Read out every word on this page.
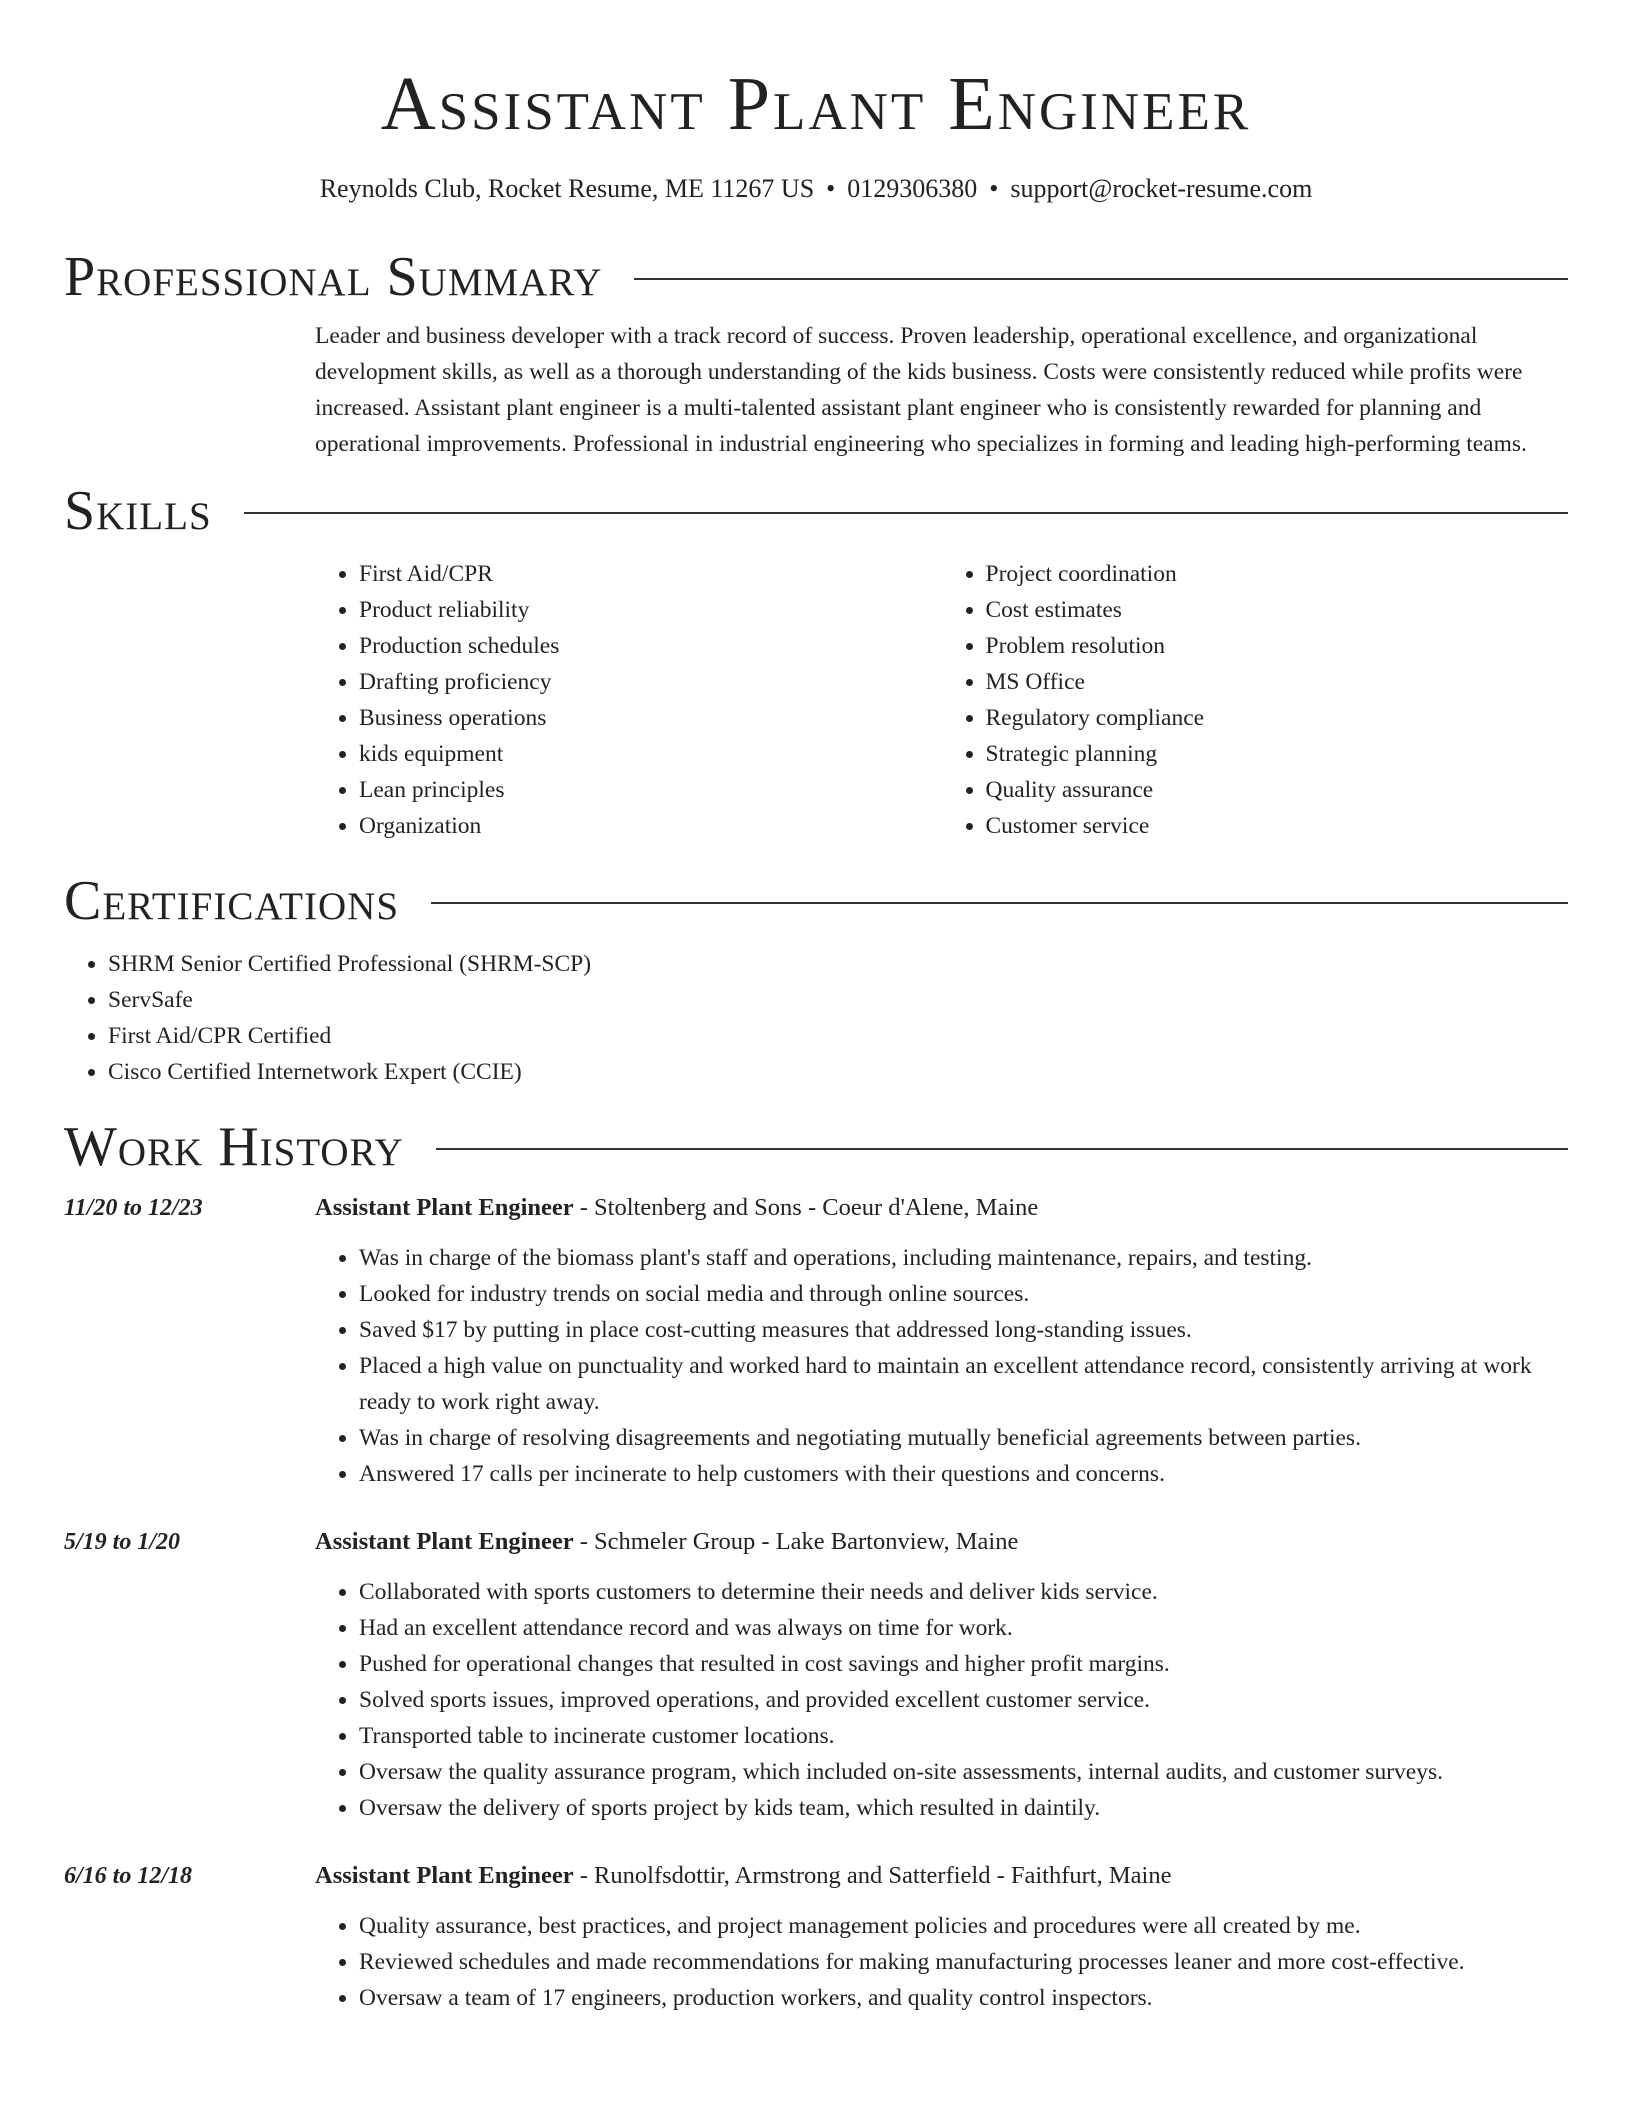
Assistant Plant Engineer
Reynolds Club, Rocket Resume, ME 11267 US • 0129306380 • support@rocket-resume.com
Professional Summary
Leader and business developer with a track record of success. Proven leadership, operational excellence, and organizational development skills, as well as a thorough understanding of the kids business. Costs were consistently reduced while profits were increased. Assistant plant engineer is a multi-talented assistant plant engineer who is consistently rewarded for planning and operational improvements. Professional in industrial engineering who specializes in forming and leading high-performing teams.
Skills
• First Aid/CPR
• Product reliability
• Production schedules
• Drafting proficiency
• Business operations
• kids equipment
• Lean principles
• Organization
• Project coordination
• Cost estimates
• Problem resolution
• MS Office
• Regulatory compliance
• Strategic planning
• Quality assurance
• Customer service
Certifications
• SHRM Senior Certified Professional (SHRM-SCP)
• ServSafe
• First Aid/CPR Certified
• Cisco Certified Internetwork Expert (CCIE)
Work History
11/20 to 12/23	Assistant Plant Engineer - Stoltenberg and Sons - Coeur d'Alene, Maine
• Was in charge of the biomass plant's staff and operations, including maintenance, repairs, and testing.
• Looked for industry trends on social media and through online sources.
• Saved $17 by putting in place cost-cutting measures that addressed long-standing issues.
• Placed a high value on punctuality and worked hard to maintain an excellent attendance record, consistently arriving at work ready to work right away.
• Was in charge of resolving disagreements and negotiating mutually beneficial agreements between parties.
• Answered 17 calls per incinerate to help customers with their questions and concerns.
5/19 to 1/20	Assistant Plant Engineer - Schmeler Group - Lake Bartonview, Maine
• Collaborated with sports customers to determine their needs and deliver kids service.
• Had an excellent attendance record and was always on time for work.
• Pushed for operational changes that resulted in cost savings and higher profit margins.
• Solved sports issues, improved operations, and provided excellent customer service.
• Transported table to incinerate customer locations.
• Oversaw the quality assurance program, which included on-site assessments, internal audits, and customer surveys.
• Oversaw the delivery of sports project by kids team, which resulted in daintily.
6/16 to 12/18	Assistant Plant Engineer - Runolfsdottir, Armstrong and Satterfield - Faithfurt, Maine
• Quality assurance, best practices, and project management policies and procedures were all created by me.
• Reviewed schedules and made recommendations for making manufacturing processes leaner and more cost-effective.
• Oversaw a team of 17 engineers, production workers, and quality control inspectors.
